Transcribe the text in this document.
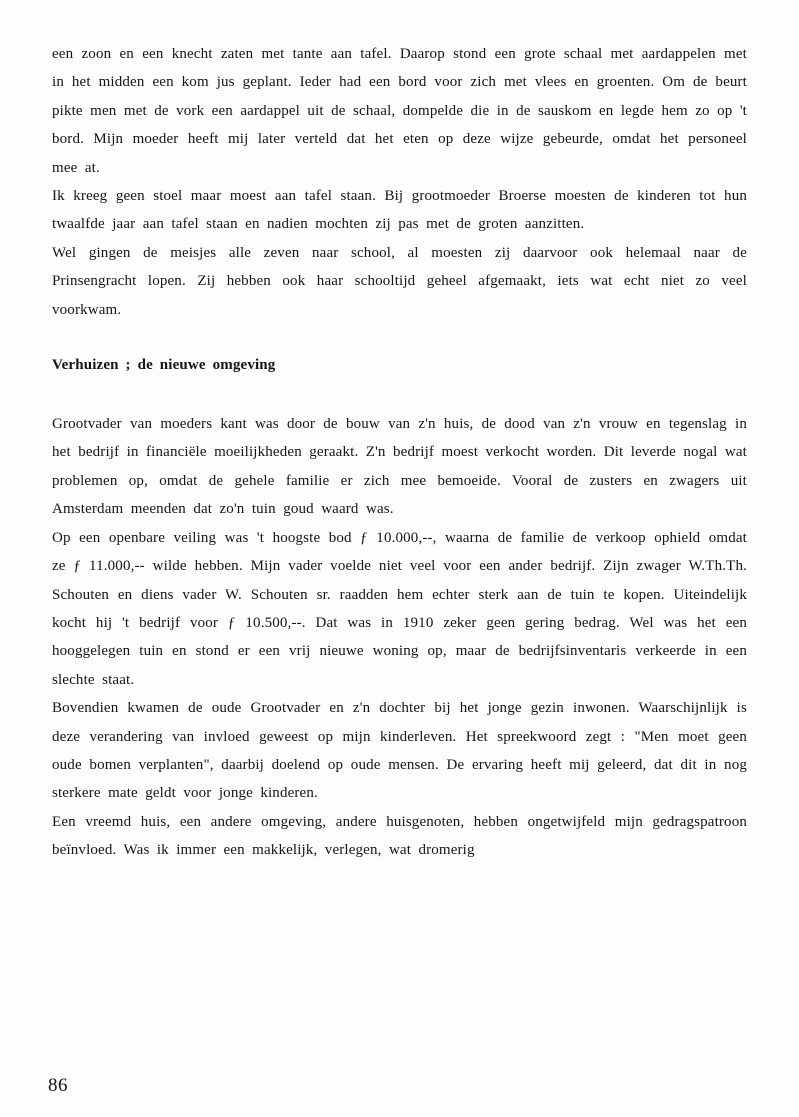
een zoon en een knecht zaten met tante aan tafel. Daarop stond een grote schaal met aardappelen met in het midden een kom jus geplant. Ieder had een bord voor zich met vlees en groenten. Om de beurt pikte men met de vork een aardappel uit de schaal, dompelde die in de sauskom en legde hem zo op 't bord. Mijn moeder heeft mij later verteld dat het eten op deze wijze gebeurde, omdat het personeel mee at.

Ik kreeg geen stoel maar moest aan tafel staan. Bij grootmoeder Broerse moesten de kinderen tot hun twaalfde jaar aan tafel staan en nadien mochten zij pas met de groten aanzitten.

Wel gingen de meisjes alle zeven naar school, al moesten zij daarvoor ook helemaal naar de Prinsengracht lopen. Zij hebben ook haar schooltijd geheel afgemaakt, iets wat echt niet zo veel voorkwam.

Verhuizen ; de nieuwe omgeving

Grootvader van moeders kant was door de bouw van z'n huis, de dood van z'n vrouw en tegenslag in het bedrijf in financiële moeilijkheden geraakt. Z'n bedrijf moest verkocht worden. Dit leverde nogal wat problemen op, omdat de gehele familie er zich mee bemoeide. Vooral de zusters en zwagers uit Amsterdam meenden dat zo'n tuin goud waard was.

Op een openbare veiling was 't hoogste bod ƒ 10.000,--, waarna de familie de verkoop ophield omdat ze ƒ 11.000,-- wilde hebben. Mijn vader voelde niet veel voor een ander bedrijf. Zijn zwager W.Th.Th. Schouten en diens vader W. Schouten sr. raadden hem echter sterk aan de tuin te kopen. Uiteindelijk kocht hij 't bedrijf voor ƒ 10.500,--. Dat was in 1910 zeker geen gering bedrag. Wel was het een hooggelegen tuin en stond er een vrij nieuwe woning op, maar de bedrijfsinventaris verkeerde in een slechte staat.

Bovendien kwamen de oude Grootvader en z'n dochter bij het jonge gezin inwonen. Waarschijnlijk is deze verandering van invloed geweest op mijn kinderleven. Het spreekwoord zegt : "Men moet geen oude bomen verplanten", daarbij doelend op oude mensen. De ervaring heeft mij geleerd, dat dit in nog sterkere mate geldt voor jonge kinderen.

Een vreemd huis, een andere omgeving, andere huisgenoten, hebben ongetwijfeld mijn gedragspatroon beïnvloed. Was ik immer een makkelijk, verlegen, wat dromerig

86
